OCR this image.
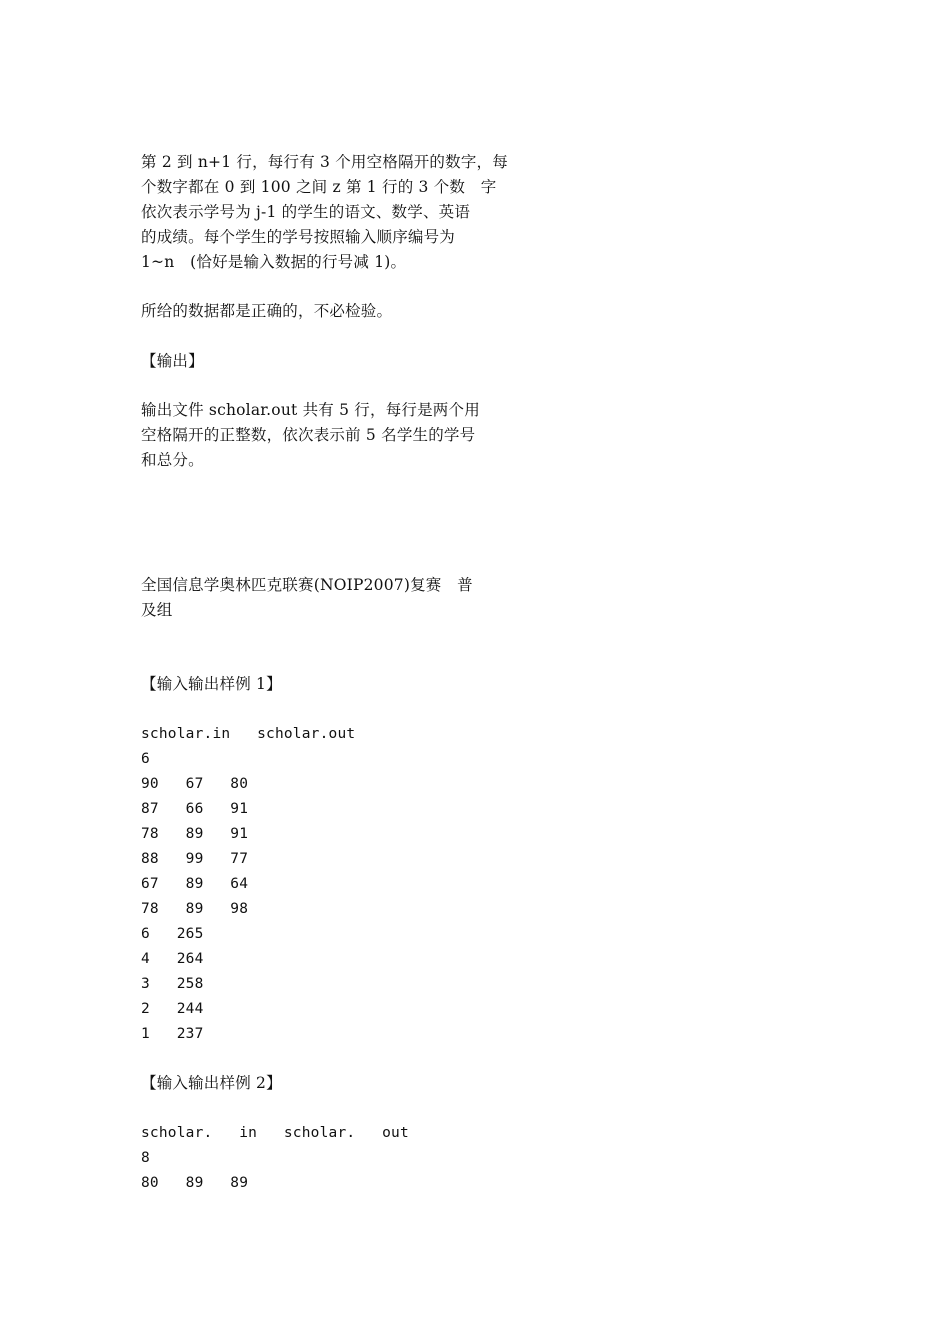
第 2 到 n+1 行，每行有 3 个用空格隔开的数字，每
个数字都在 0 到 100 之间 z 第 1 行的 3 个数　字
依次表示学号为 j-1 的学生的语文、数学、英语
的成绩。每个学生的学号按照输入顺序编号为
1~n　(恰好是输入数据的行号减 1)。
所给的数据都是正确的，不必检验。
【输出】
输出文件 scholar.out 共有 5 行，每行是两个用
空格隔开的正整数，依次表示前 5 名学生的学号
和总分。
全国信息学奥林匹克联赛(NOIP2007)复赛　普
及组
【输入输出样例 1】
scholar.in   scholar.out
6
90   67   80
87   66   91
78   89   91
88   99   77
67   89   64
78   89   98
6   265
4   264
3   258
2   244
1   237
【输入输出样例 2】
scholar.   in   scholar.   out
8
80   89   89
